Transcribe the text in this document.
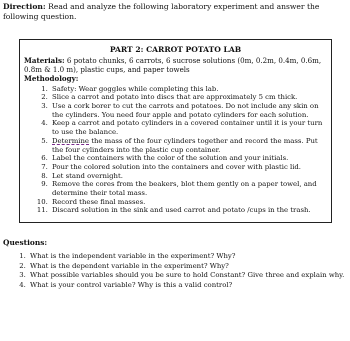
Direction: Read and analyze the following laboratory experiment and answer the following question.
PART 2: CARROT POTATO LAB
Materials: 6 potato chunks, 6 carrots, 6 sucrose solutions (0m, 0.2m, 0.4m, 0.6m, 0.8m & 1.0 m), plastic cups, and paper towels
Methodology:
1. Safety: Wear goggles while completing this lab.
2. Slice a carrot and potato into discs that are approximately 5 cm thick.
3. Use a cork borer to cut the carrots and potatoes. Do not include any skin on the cylinders. You need four apple and potato cylinders for each solution.
4. Keep a carrot and potato cylinders in a covered container until it is your turn to use the balance.
5. Determine the mass of the four cylinders together and record the mass. Put the four cylinders into the plastic cup container.
6. Label the containers with the color of the solution and your initials.
7. Pour the colored solution into the containers and cover with plastic lid.
8. Let stand overnight.
9. Remove the cores from the beakers, blot them gently on a paper towel, and determine their total mass.
10. Record these final masses.
11. Discard solution in the sink and used carrot and potato /cups in the trash.
Questions:
1. What is the independent variable in the experiment? Why?
2. What is the dependent variable in the experiment? Why?
3. What possible variables should you be sure to hold Constant? Give three and explain why.
4. What is your control variable? Why is this a valid control?
